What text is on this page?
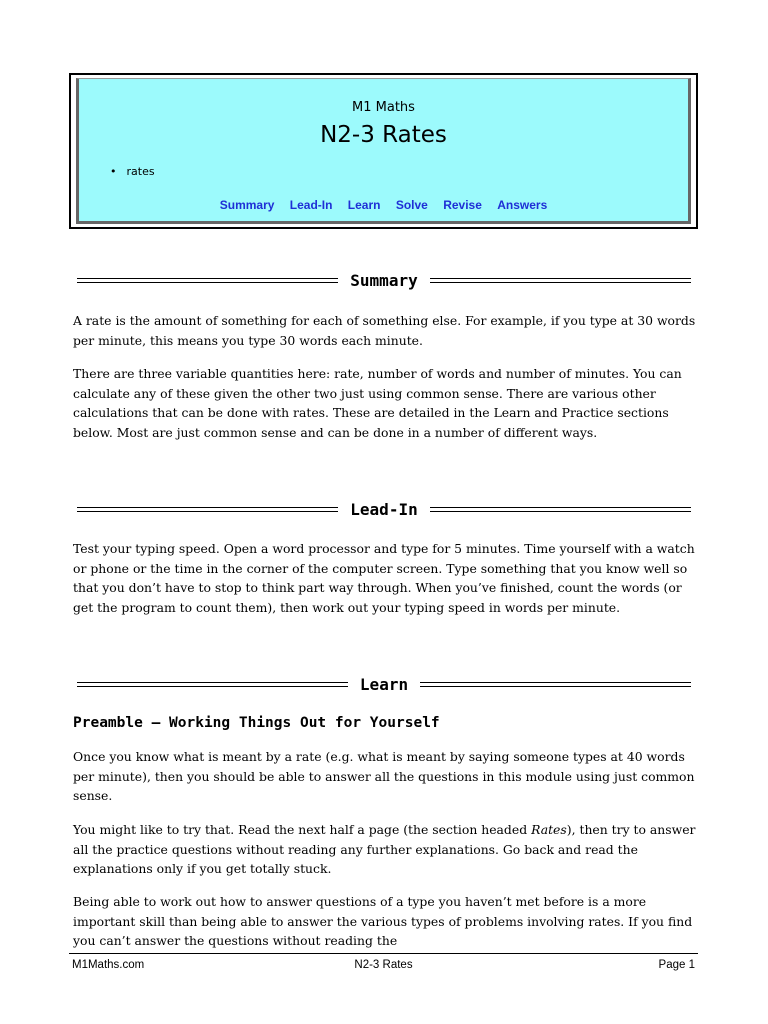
M1 Maths
N2-3 Rates
• rates
Summary Lead-In Learn Solve Revise Answers
Summary

A rate is the amount of something for each of something else. For example, if you type at 30 words per minute, this means you type 30 words each minute.

There are three variable quantities here: rate, number of words and number of minutes. You can calculate any of these given the other two just using common sense. There are various other calculations that can be done with rates. These are detailed in the Learn and Practice sections below. Most are just common sense and can be done in a number of different ways.

Lead-In

Test your typing speed. Open a word processor and type for 5 minutes. Time yourself with a watch or phone or the time in the corner of the computer screen. Type something that you know well so that you don’t have to stop to think part way through. When you’ve finished, count the words (or get the program to count them), then work out your typing speed in words per minute.

Learn
Preamble – Working Things Out for Yourself

Once you know what is meant by a rate (e.g. what is meant by saying someone types at 40 words per minute), then you should be able to answer all the questions in this module using just common sense.

You might like to try that. Read the next half a page (the section headed Rates), then try to answer all the practice questions without reading any further explanations. Go back and read the explanations only if you get totally stuck.

Being able to work out how to answer questions of a type you haven’t met before is a more important skill than being able to answer the various types of problems involving rates. If you find you can’t answer the questions without reading the

M1Maths.com	N2-3 Rates	Page 1
